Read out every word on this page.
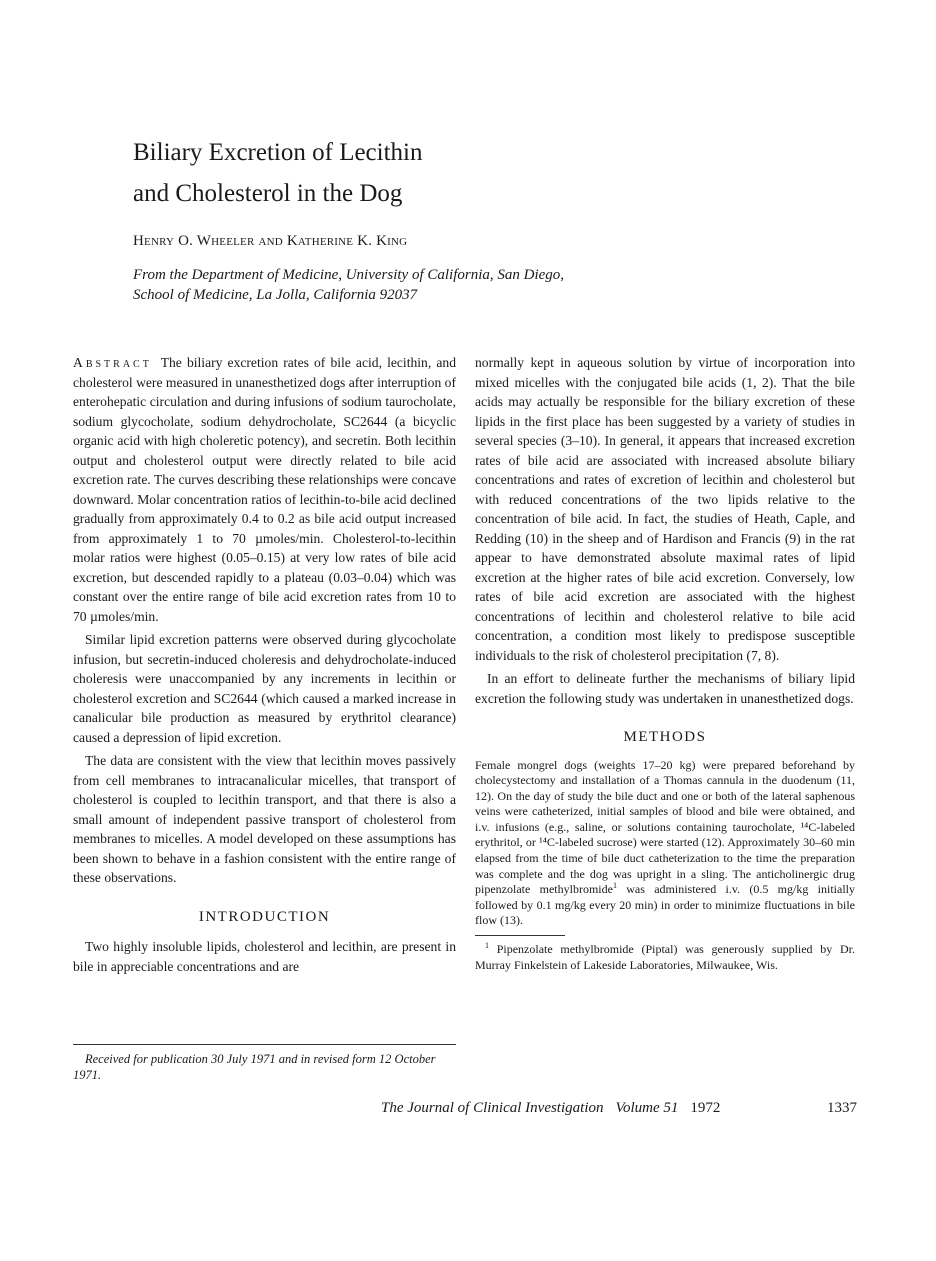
Biliary Excretion of Lecithin
and Cholesterol in the Dog
Henry O. Wheeler and Katherine K. King
From the Department of Medicine, University of California, San Diego,
School of Medicine, La Jolla, California 92037

Abstract The biliary excretion rates of bile acid, lecithin, and cholesterol were measured in unanesthetized dogs after interruption of enterohepatic circulation and during infusions of sodium taurocholate, sodium glycocholate, sodium dehydrocholate, SC2644 (a bicyclic organic acid with high choleretic potency), and secretin. Both lecithin output and cholesterol output were directly related to bile acid excretion rate. The curves describing these relationships were concave downward. Molar concentration ratios of lecithin-to-bile acid declined gradually from approximately 0.4 to 0.2 as bile acid output increased from approximately 1 to 70 µmoles/min. Cholesterol-to-lecithin molar ratios were highest (0.05–0.15) at very low rates of bile acid excretion, but descended rapidly to a plateau (0.03–0.04) which was constant over the entire range of bile acid excretion rates from 10 to 70 µmoles/min.

Similar lipid excretion patterns were observed during glycocholate infusion, but secretin-induced choleresis and dehydrocholate-induced choleresis were unaccompanied by any increments in lecithin or cholesterol excretion and SC2644 (which caused a marked increase in canalicular bile production as measured by erythritol clearance) caused a depression of lipid excretion.

The data are consistent with the view that lecithin moves passively from cell membranes to intracanalicular micelles, that transport of cholesterol is coupled to lecithin transport, and that there is also a small amount of independent passive transport of cholesterol from membranes to micelles. A model developed on these assumptions has been shown to behave in a fashion consistent with the entire range of these observations.

INTRODUCTION

Two highly insoluble lipids, cholesterol and lecithin, are present in bile in appreciable concentrations and are

Received for publication 30 July 1971 and in revised form 12 October 1971.

normally kept in aqueous solution by virtue of incorporation into mixed micelles with the conjugated bile acids (1, 2). That the bile acids may actually be responsible for the biliary excretion of these lipids in the first place has been suggested by a variety of studies in several species (3–10). In general, it appears that increased excretion rates of bile acid are associated with increased absolute biliary concentrations and rates of excretion of lecithin and cholesterol but with reduced concentrations of the two lipids relative to the concentration of bile acid. In fact, the studies of Heath, Caple, and Redding (10) in the sheep and of Hardison and Francis (9) in the rat appear to have demonstrated absolute maximal rates of lipid excretion at the higher rates of bile acid excretion. Conversely, low rates of bile acid excretion are associated with the highest concentrations of lecithin and cholesterol relative to bile acid concentration, a condition most likely to predispose susceptible individuals to the risk of cholesterol precipitation (7, 8).

In an effort to delineate further the mechanisms of biliary lipid excretion the following study was undertaken in unanesthetized dogs.

METHODS

Female mongrel dogs (weights 17–20 kg) were prepared beforehand by cholecystectomy and installation of a Thomas cannula in the duodenum (11, 12). On the day of study the bile duct and one or both of the lateral saphenous veins were catheterized, initial samples of blood and bile were obtained, and i.v. infusions (e.g., saline, or solutions containing taurocholate, ¹⁴C-labeled erythritol, or ¹⁴C-labeled sucrose) were started (12). Approximately 30–60 min elapsed from the time of bile duct catheterization to the time the preparation was complete and the dog was upright in a sling. The anticholinergic drug pipenzolate methylbromide$^1$ was administered i.v. (0.5 mg/kg initially followed by 0.1 mg/kg every 20 min) in order to minimize fluctuations in bile flow (13).

$^1$ Pipenzolate methylbromide (Piptal) was generously supplied by Dr. Murray Finkelstein of Lakeside Laboratories, Milwaukee, Wis.
The Journal of Clinical Investigation Volume 51 1972	1337
